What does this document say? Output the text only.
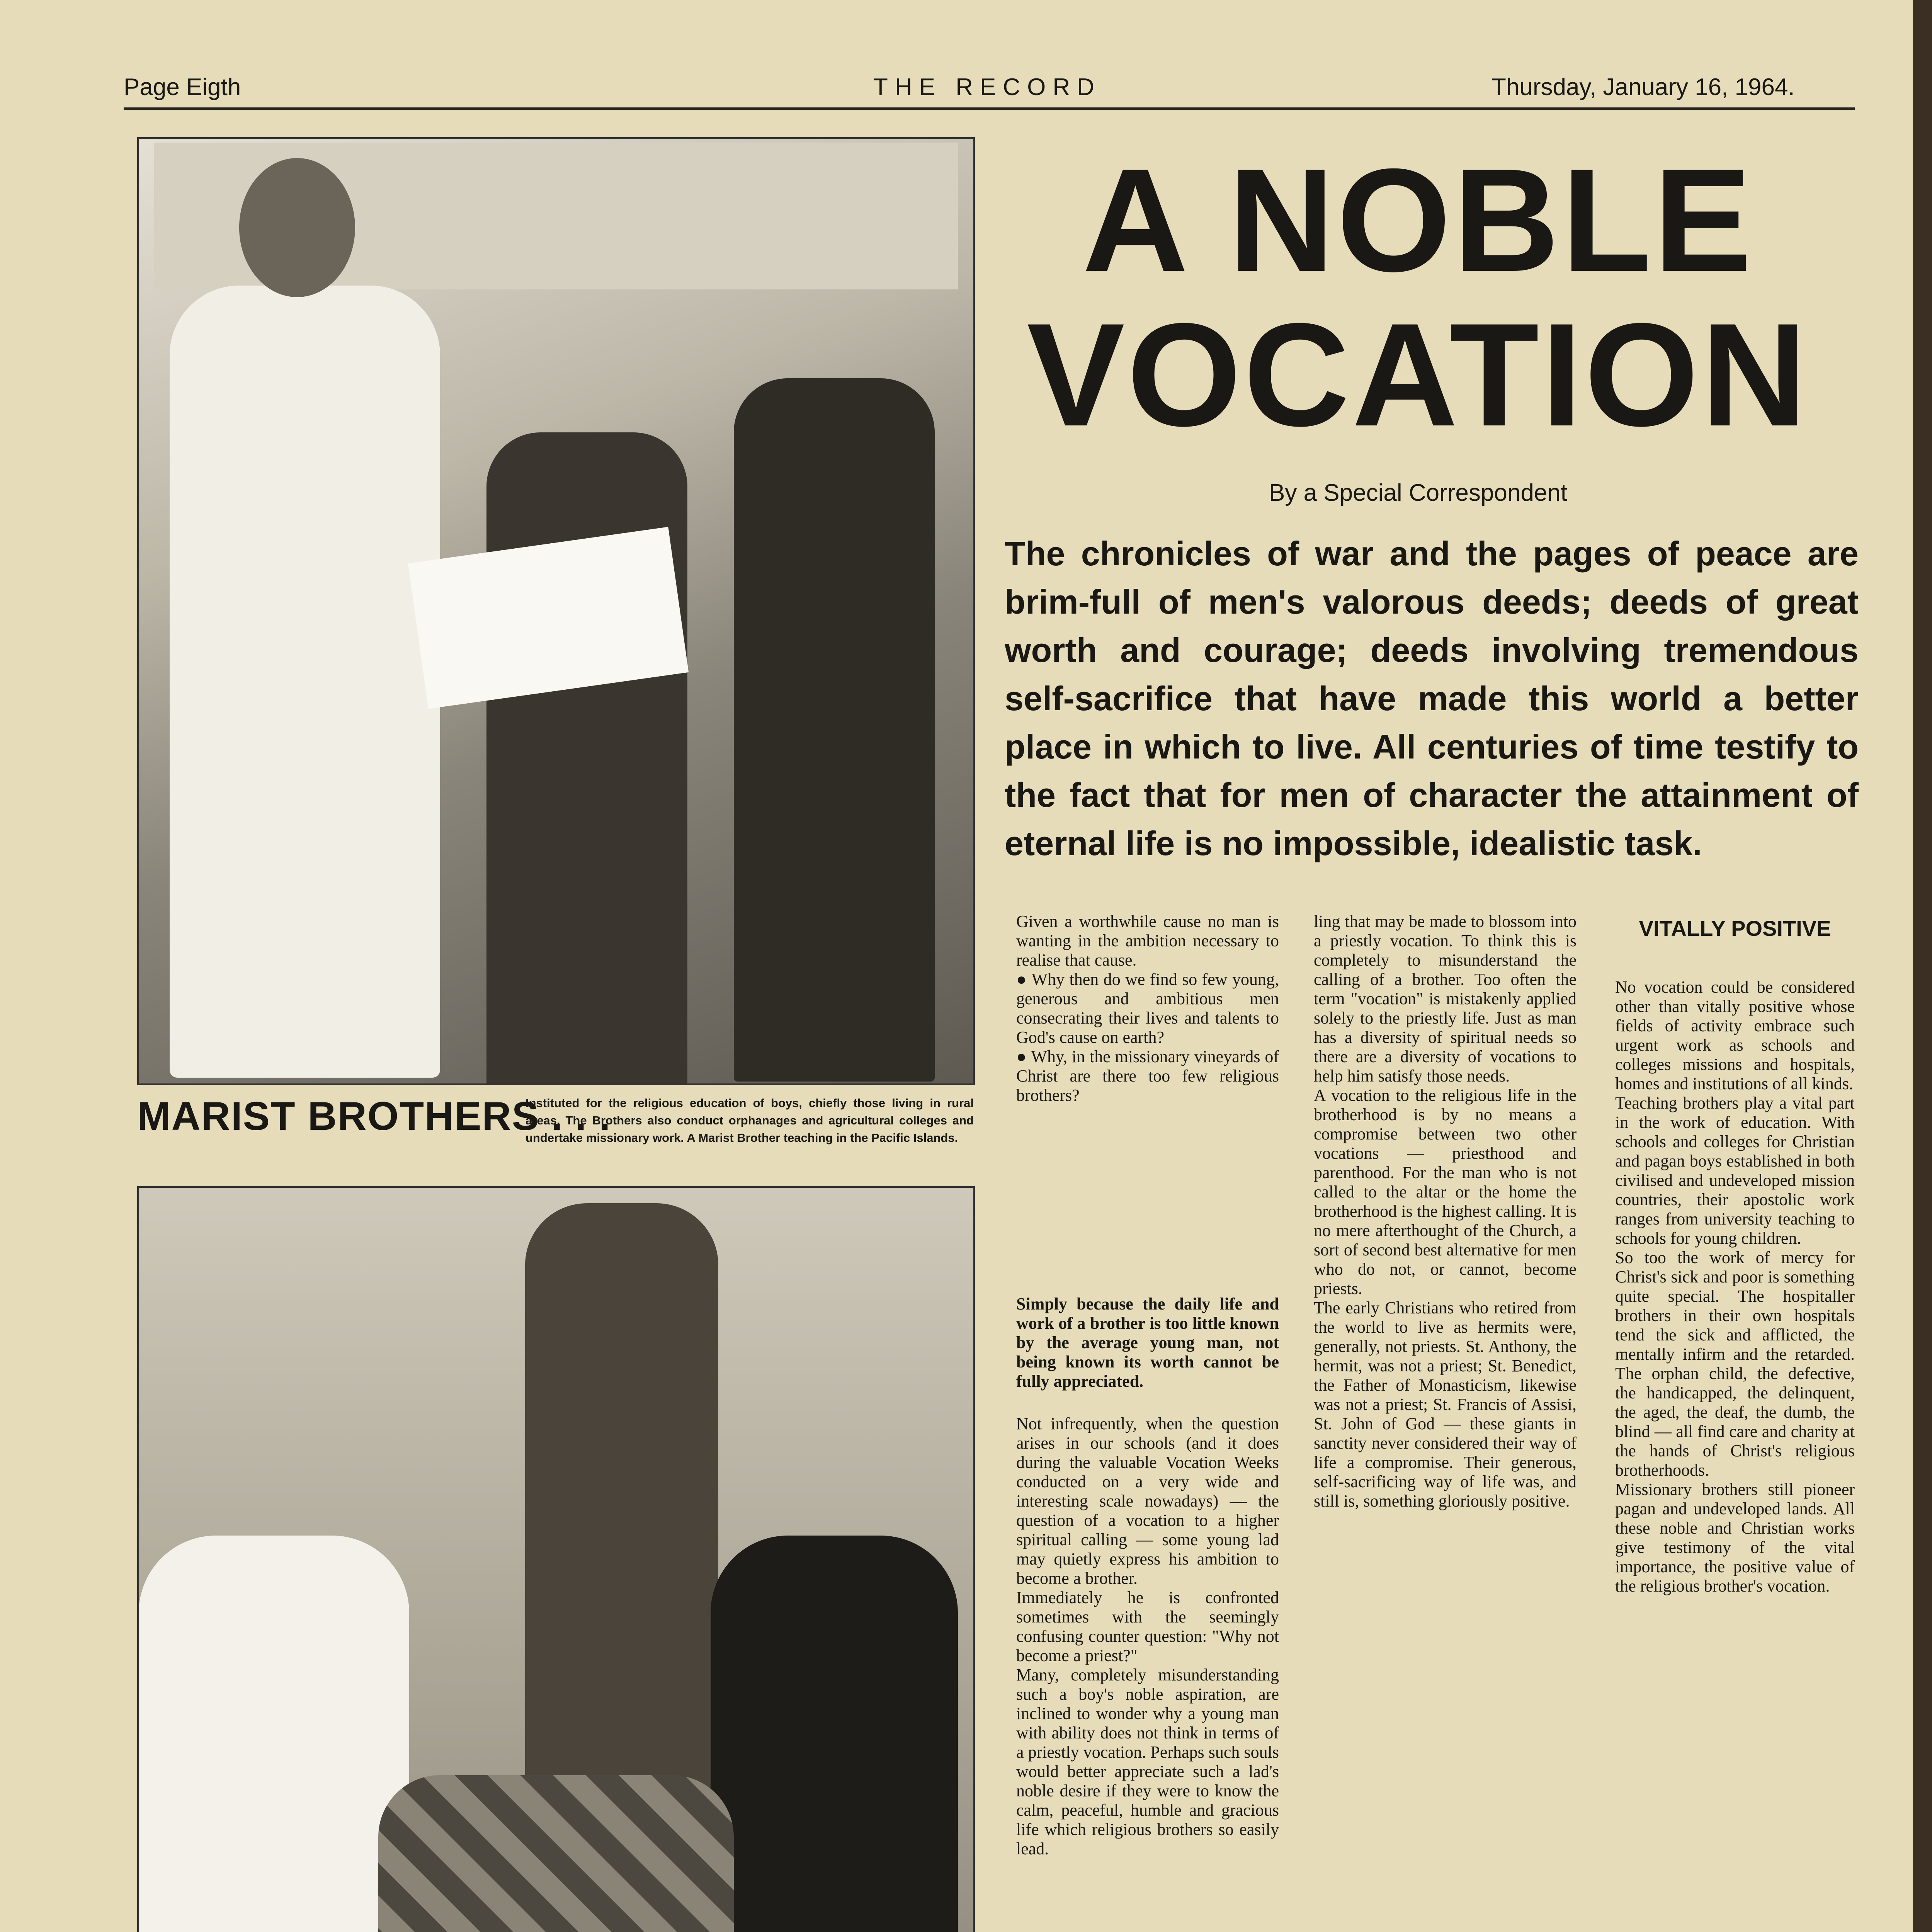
Page Eigth	THE RECORD	Thursday, January 16, 1964.
MARIST BROTHERS . . .
Instituted for the religious education of boys, chiefly those living in rural areas. The Brothers also conduct orphanages and agricultural colleges and undertake missionary work. A Marist Brother teaching in the Pacific Islands.
A NOBLE
VOCATION
By a Special Correspondent
The chronicles of war and the pages of peace are brim-full of men's valorous deeds; deeds of great worth and courage; deeds involving tremendous self-sacrifice that have made this world a better place in which to live. All centuries of time testify to the fact that for men of character the attainment of eternal life is no impossible, idealistic task.
Given a worthwhile cause no man is wanting in the ambition necessary to realise that cause.
● Why then do we find so few young, generous and ambitious men consecrating their lives and talents to God's cause on earth?
● Why, in the missionary vineyards of Christ are there too few religious brothers?
Simply because the daily life and work of a brother is too little known by the average young man, not being known its worth cannot be fully appreciated.
Not infrequently, when the question arises in our schools (and it does during the valuable Vocation Weeks conducted on a very wide and interesting scale nowadays) — the question of a vocation to a higher spiritual calling — some young lad may quietly express his ambition to become a brother.
Immediately he is confronted sometimes with the seemingly confusing counter question: "Why not become a priest?"
Many, completely misunderstanding such a boy's noble aspiration, are inclined to wonder why a young man with ability does not think in terms of a priestly vocation. Perhaps such souls would better appreciate such a lad's noble desire if they were to know the calm, peaceful, humble and gracious life which religious brothers so easily lead.
ling that may be made to blossom into a priestly vocation. To think this is completely to misunderstand the calling of a brother. Too often the term "vocation" is mistakenly applied solely to the priestly life. Just as man has a diversity of spiritual needs so there are a diversity of vocations to help him satisfy those needs.
A vocation to the religious life in the brotherhood is by no means a compromise between two other vocations — priesthood and parenthood. For the man who is not called to the altar or the home the brotherhood is the highest calling. It is no mere afterthought of the Church, a sort of second best alternative for men who do not, or cannot, become priests.
The early Christians who retired from the world to live as hermits were, generally, not priests. St. Anthony, the hermit, was not a priest; St. Benedict, the Father of Monasticism, likewise was not a priest; St. Francis of Assisi, St. John of God — these giants in sanctity never considered their way of life a compromise. Their generous, self-sacrificing way of life was, and still is, something gloriously positive.
VITALLY POSITIVE
No vocation could be considered other than vitally positive whose fields of activity embrace such urgent work as schools and colleges missions and hospitals, homes and institutions of all kinds.
Teaching brothers play a vital part in the work of education. With schools and colleges for Christian and pagan boys established in both civilised and undeveloped mission countries, their apostolic work ranges from university teaching to schools for young children.
So too the work of mercy for Christ's sick and poor is something quite special. The hospitaller brothers in their own hospitals tend the sick and afflicted, the mentally infirm and the retarded. The orphan child, the defective, the handicapped, the delinquent, the aged, the deaf, the dumb, the blind — all find care and charity at the hands of Christ's religious brotherhoods.
Missionary brothers still pioneer pagan and undeveloped lands. All these noble and Christian works give testimony of the vital importance, the positive value of the religious brother's vocation.
